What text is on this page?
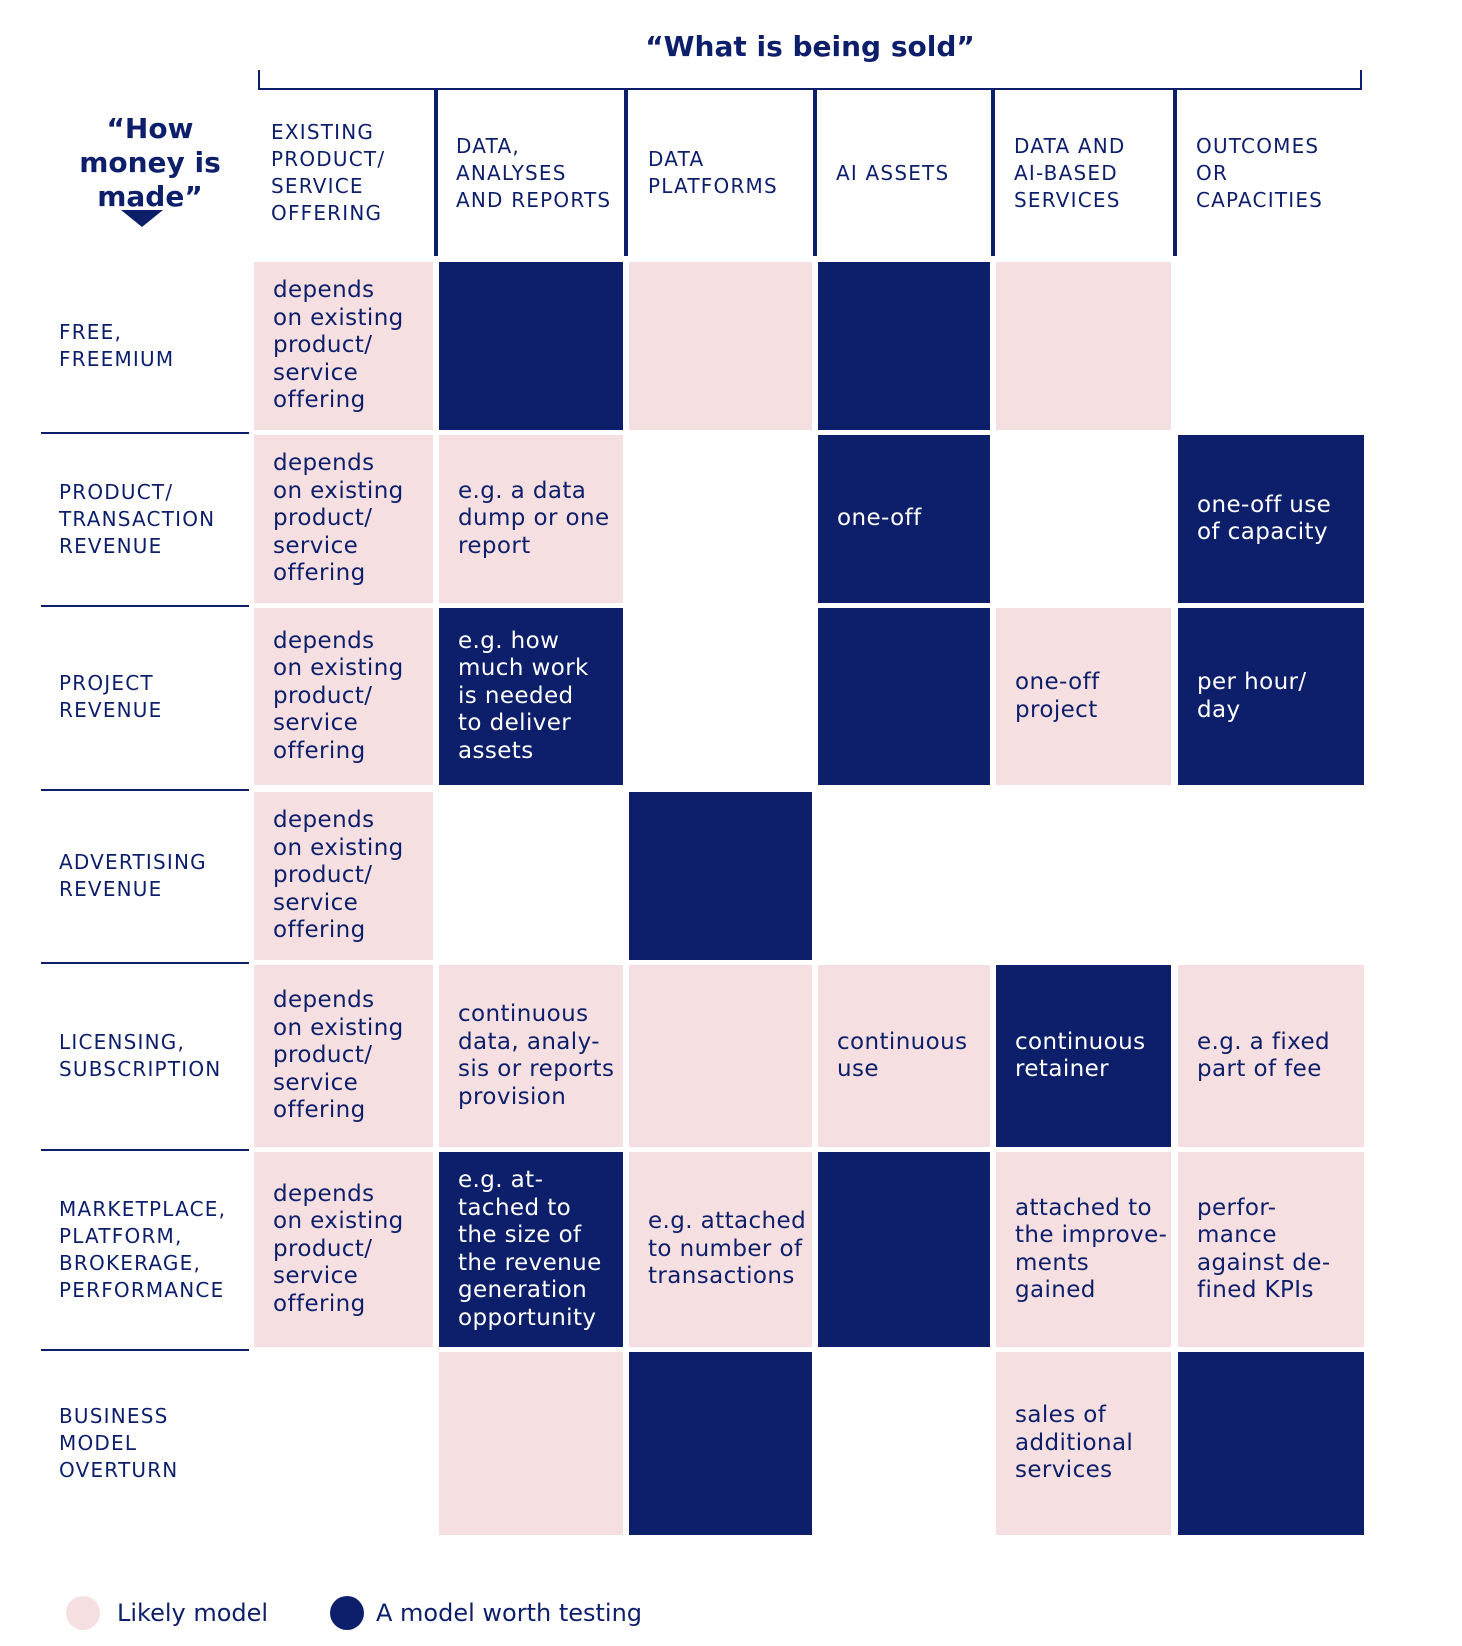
“What is being sold”
“How money is made”
EXISTING
PRODUCT/
SERVICE
OFFERING
DATA,
ANALYSES
AND REPORTS
DATA
PLATFORMS
AI ASSETS
DATA AND
AI-BASED
SERVICES
OUTCOMES
OR
CAPACITIES
FREE,
FREEMIUM
PRODUCT/
TRANSACTION
REVENUE
PROJECT
REVENUE
ADVERTISING
REVENUE
LICENSING,
SUBSCRIPTION
MARKETPLACE,
PLATFORM,
BROKERAGE,
PERFORMANCE
BUSINESS
MODEL
OVERTURN
depends
on existing
product/
service
offering
depends
on existing
product/
service
offering
e.g. a data
dump or one
report
one-off
one-off use
of capacity
depends
on existing
product/
service
offering
e.g. how
much work
is needed
to deliver
assets
one-off
project
per hour/
day
depends
on existing
product/
service
offering
depends
on existing
product/
service
offering
continuous
data, analy-
sis or reports
provision
continuous
use
continuous
retainer
e.g. a fixed
part of fee
depends
on existing
product/
service
offering
e.g. at-
tached to
the size of
the revenue
generation
opportunity
e.g. attached
to number of
transactions
attached to
the improve-
ments gained
perfor-
mance
against de-
fined KPIs
sales of
additional
services
Likely model	A model worth testing
